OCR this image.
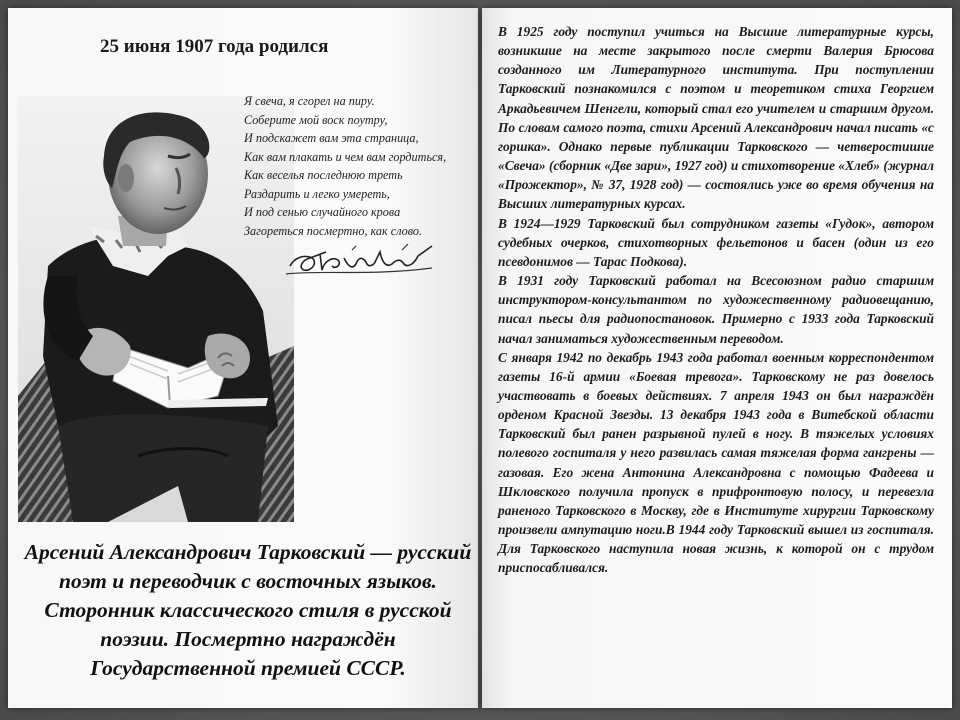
25 июня 1907 года родился
Я свеча, я сгорел на пиру.
Соберите мой воск поутру,
И подскажет вам эта страница,
Как вам плакать и чем вам гордиться,
Как веселья последнюю треть
Раздарить и легко умереть,
И под сенью случайного крова
Загореться посмертно, как слово.
Арсений Александрович Тарковский — русский поэт и переводчик с восточных языков. Сторонник классического стиля в русской поэзии. Посмертно награждён Государственной премией СССР.

В 1925 году поступил учиться на Высшие литературные курсы, возникшие на месте закрытого после смерти Валерия Брюсова созданного им Литературного института. При поступлении Тарковский познакомился с поэтом и теоретиком стиха Георгием Аркадьевичем Шенгели, который стал его учителем и старшим другом. По словам самого поэта, стихи Арсений Александрович начал писать «с горшка». Однако первые публикации Тарковского — четверостишие «Свеча» (сборник «Две зари», 1927 год) и стихотворение «Хлеб» (журнал «Прожектор», № 37, 1928 год) — состоялись уже во время обучения на Высших литературных курсах.

В 1924—1929 Тарковский был сотрудником газеты «Гудок», автором судебных очерков, стихотворных фельетонов и басен (один из его псевдонимов — Тарас Подкова).

В 1931 году Тарковский работал на Всесоюзном радио старшим инструктором-консультантом по художественному радиовещанию, писал пьесы для радиопостановок. Примерно с 1933 года Тарковский начал заниматься художественным переводом.

С января 1942 по декабрь 1943 года работал военным корреспондентом газеты 16-й армии «Боевая тревога». Тарковскому не раз довелось участвовать в боевых действиях. 7 апреля 1943 он был награждён орденом Красной Звезды. 13 декабря 1943 года в Витебской области Тарковский был ранен разрывной пулей в ногу. В тяжелых условиях полевого госпиталя у него развилась самая тяжелая форма гангрены — газовая. Его жена Антонина Александровна с помощью Фадеева и Шкловского получила пропуск в прифронтовую полосу, и перевезла раненого Тарковского в Москву, где в Институте хирургии Тарковскому произвели ампутацию ноги.В 1944 году Тарковский вышел из госпиталя. Для Тарковского наступила новая жизнь, к которой он с трудом приспосабливался.
